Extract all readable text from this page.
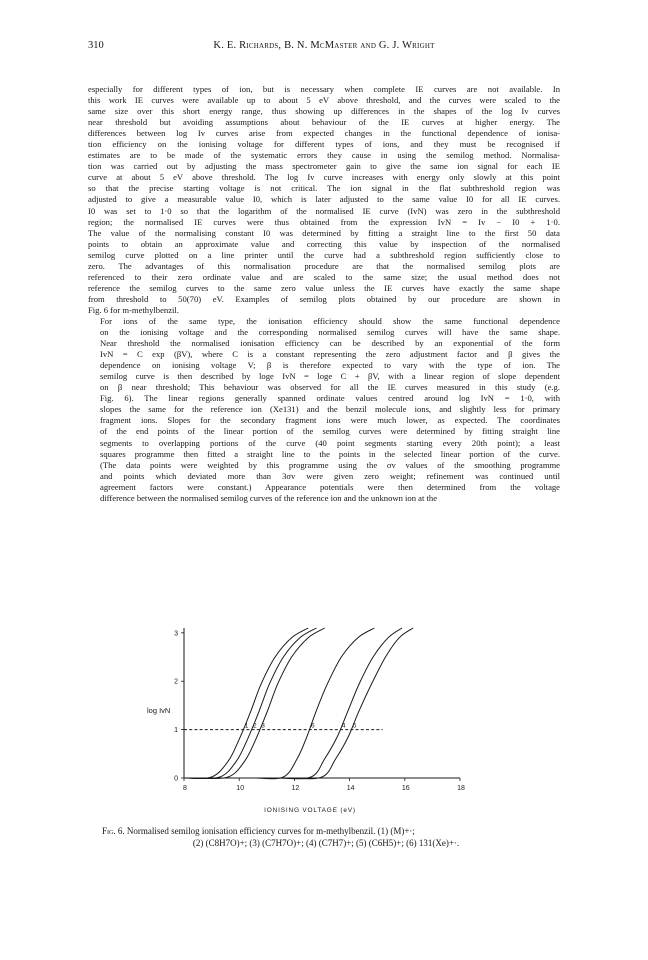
310	K. E. Richards, B. N. McMaster and G. J. Wright
especially for different types of ion, but is necessary when complete IE curves are not available. In
this work IE curves were available up to about 5 eV above threshold, and the curves were scaled to the
same size over this short energy range, thus showing up differences in the shapes of the log Iv curves
near threshold but avoiding assumptions about behaviour of the IE curves at higher energy. The
differences between log Iv curves arise from expected changes in the functional dependence of ionisa-
tion efficiency on the ionising voltage for different types of ions, and they must be recognised if
estimates are to be made of the systematic errors they cause in using the semilog method. Normalisa-
tion was carried out by adjusting the mass spectrometer gain to give the same ion signal for each IE
curve at about 5 eV above threshold. The log Iv curve increases with energy only slowly at this point
so that the precise starting voltage is not critical. The ion signal in the flat subthreshold region was
adjusted to give a measurable value I0, which is later adjusted to the same value I0 for all IE curves.
I0 was set to 1·0 so that the logarithm of the normalised IE curve (IvN) was zero in the subthreshold
region; the normalised IE curves were thus obtained from the expression IvN = Iv − I0 + 1·0.
The value of the normalising constant I0 was determined by fitting a straight line to the first 50 data
points to obtain an approximate value and correcting this value by inspection of the normalised
semilog curve plotted on a line printer until the curve had a subthreshold region sufficiently close to
zero. The advantages of this normalisation procedure are that the normalised semilog plots are
referenced to their zero ordinate value and are scaled to the same size; the usual method does not
reference the semilog curves to the same zero value unless the IE curves have exactly the same shape
from threshold to 50(70) eV. Examples of semilog plots obtained by our procedure are shown in
Fig. 6 for m-methylbenzil.
For ions of the same type, the ionisation efficiency should show the same functional dependence
on the ionising voltage and the corresponding normalised semilog curves will have the same shape.
Near threshold the normalised ionisation efficiency can be described by an exponential of the form
IvN = C exp (βV), where C is a constant representing the zero adjustment factor and β gives the
dependence on ionising voltage V; β is therefore expected to vary with the type of ion. The
semilog curve is then described by loge IvN = loge C + βV, with a linear region of slope dependent
on β near threshold; This behaviour was observed for all the IE curves measured in this study (e.g.
Fig. 6). The linear regions generally spanned ordinate values centred around log IvN = 1·0, with
slopes the same for the reference ion (Xe131) and the benzil molecule ions, and slightly less for primary
fragment ions. Slopes for the secondary fragment ions were much lower, as expected. The coordinates
of the end points of the linear portion of the semilog curves were determined by fitting straight line
segments to overlapping portions of the curve (40 point segments starting every 20th point); a least
squares programme then fitted a straight line to the points in the selected linear portion of the curve.
(The data points were weighted by this programme using the σv values of the smoothing programme
and points which deviated more than 3σv were given zero weight; refinement was continued until
agreement factors were constant.) Appearance potentials were then determined from the voltage
difference between the normalised semilog curves of the reference ion and the unknown ion at the
8	10	12	14	16	18
0
1
2
3
1 2 3	6	4 5
log IvN
IONISING VOLTAGE (eV)
Fig. 6. Normalised semilog ionisation efficiency curves for m-methylbenzil. (1) (M)+·;
(2) (C8H7O)+; (3) (C7H7O)+; (4) (C7H7)+; (5) (C6H5)+; (6) 131(Xe)+·.
